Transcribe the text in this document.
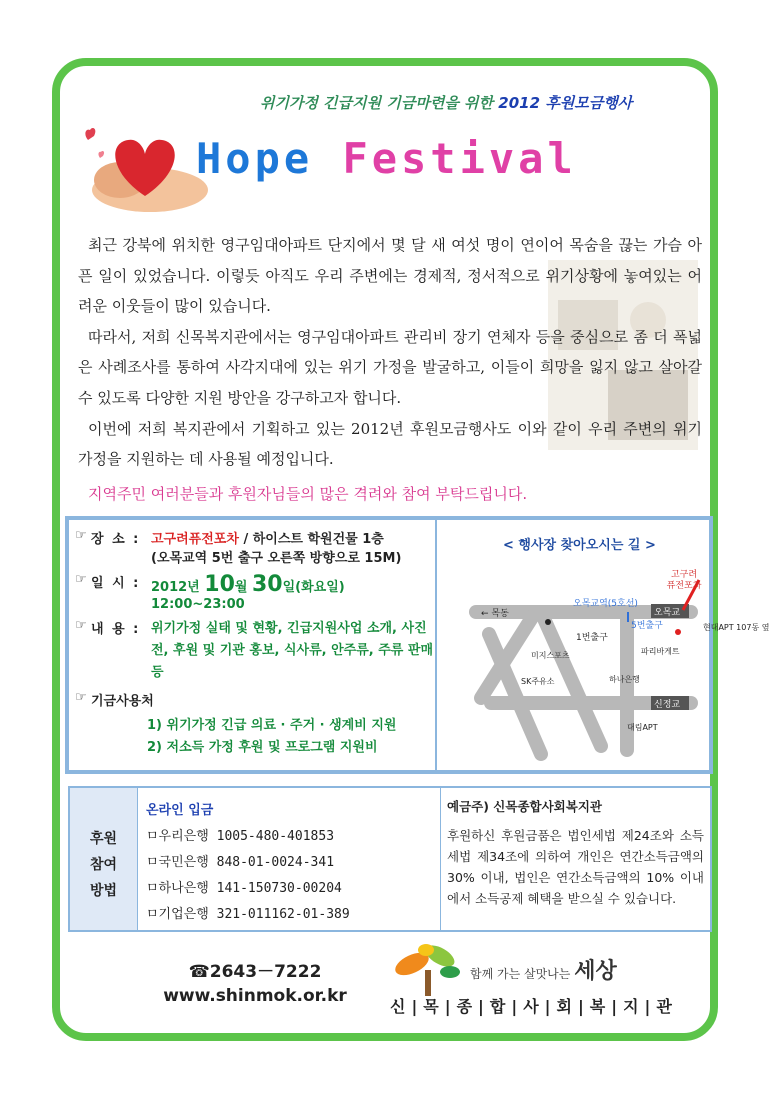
위기가정 긴급지원 기금마련을 위한 2012 후원모금행사
Hope Festival

최근 강북에 위치한 영구임대아파트 단지에서 몇 달 새 여섯 명이 연이어 목숨을 끊는 가슴 아픈 일이 있었습니다. 이렇듯 아직도 우리 주변에는 경제적, 정서적으로 위기상황에 놓여있는 어려운 이웃들이 많이 있습니다.

따라서, 저희 신목복지관에서는 영구임대아파트 관리비 장기 연체자 등을 중심으로 좀 더 폭넓은 사례조사를 통하여 사각지대에 있는 위기 가정을 발굴하고, 이들이 희망을 잃지 않고 살아갈 수 있도록 다양한 지원 방안을 강구하고자 합니다.

이번에 저희 복지관에서 기획하고 있는 2012년 후원모금행사도 이와 같이 우리 주변의 위기 가정을 지원하는 데 사용될 예정입니다.

지역주민 여러분들과 후원자님들의 많은 격려와 참여 부탁드립니다.

☞ 장 소 : 고구려퓨전포차 / 하이스트 학원건물 1층
(오목교역 5번 출구 오른쪽 방향으로 15M)
☞ 일 시 : 2012년 10월 30일(화요일)
12:00~23:00
☞ 내 용 : 위기가정 실태 및 현황, 긴급지원사업 소개, 사진전, 후원 및 기관 홍보, 식사류, 안주류, 주류 판매 등
☞ 기금사용처
1) 위기가정 긴급 의료 · 주거 · 생계비 지원
2) 저소득 가정 후원 및 프로그램 지원비
< 행사장 찾아오시는 길 >
고구려
퓨전포차
오목교역(5호선)
오목교
← 목동
5번출구
1번출구
현대APT 107동 옆
파리바게트
미지스포츠
하나은행
SK주유소
신정교
대림APT
후원
참여
방법
온라인 입금
ㅁ우리은행 1005-480-401853
ㅁ국민은행 848-01-0024-341
ㅁ하나은행 141-150730-00204
ㅁ기업은행 321-011162-01-389
예금주) 신목종합사회복지관
후원하신 후원금품은 법인세법 제24조와 소득세법 제34조에 의하여 개인은 연간소득금액의 30% 이내, 법인은 연간소득금액의 10% 이내에서 소득공제 혜택을 받으실 수 있습니다.
☎2643－7222
www.shinmok.or.kr
함께 가는 살맛나는 세상
신|목|종|합|사|회|복|지|관
